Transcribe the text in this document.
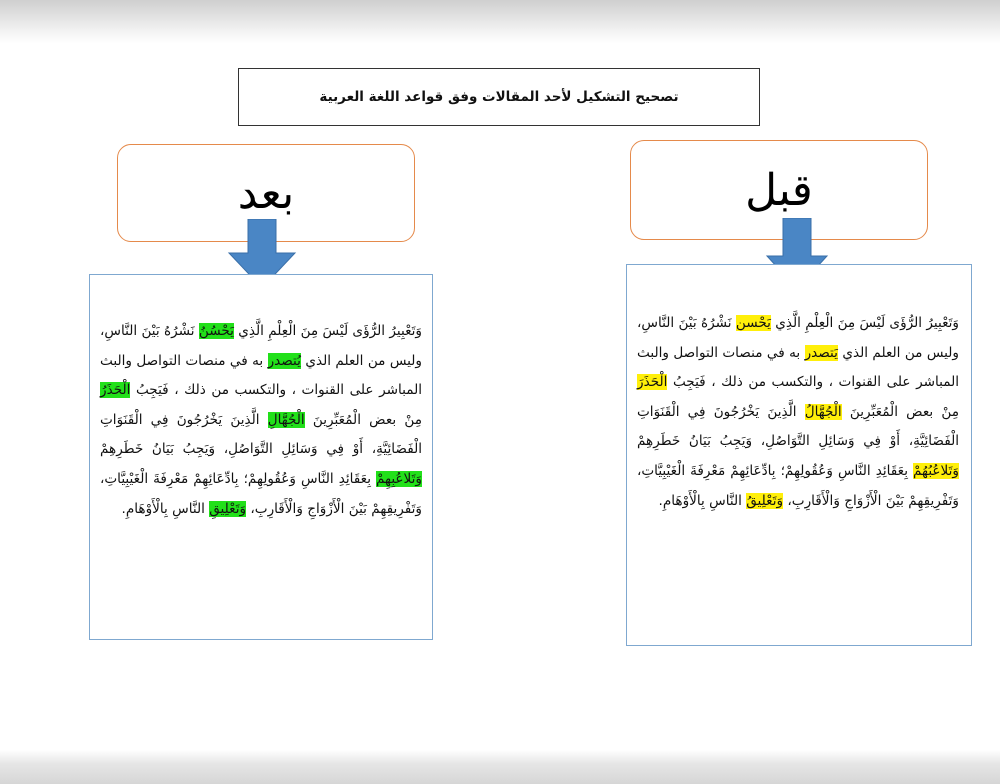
تصحيح التشكيل لأحد المقالات وفق قواعد اللغة العربية
بعد
وَتَعْبِيرُ الرُّؤَى لَيْسَ مِنَ الْعِلْمِ الَّذِي يَحْسُنُ نَشْرُهُ بَيْنَ النَّاسِ، وليس من العلم الذي يُتصدر به في منصات التواصل والبث المباشر على القنوات ، والتكسب من ذلك ، فَيَجِبُ الْحَذَرُ مِنْ بعض الْمُعَبِّرِينَ الْجُهَّالِ الَّذِينَ يَخْرُجُونَ فِي الْقَنَوَاتِ الْفَضَائِيَّةِ، أَوْ فِي وَسَائِلِ التَّوَاصُلِ، وَيَجِبُ بَيَانُ خَطَرِهِمْ وَتَلاعُبِهِمْ بِعَقَائِدِ النَّاسِ وَعُقُولِهِمْ؛ بِادِّعَائِهِمْ مَعْرِفَةَ الْغَيْبِيَّاتِ، وَتَفْرِيقِهِمْ بَيْنَ الْأَزْوَاجِ وَالْأَقَارِبِ، وَتَعْلِيقِ النَّاسِ بِالْأَوْهَامِ.
قبل
وَتَعْبِيرُ الرُّؤَى لَيْسَ مِنَ الْعِلْمِ الَّذِي يَحْسن نَشْرُهُ بَيْنَ النَّاسِ، وليس من العلم الذي يَتصدر به في منصات التواصل والبث المباشر على القنوات ، والتكسب من ذلك ، فَيَجِبُ الْحَذَرَ مِنْ بعض الْمُعَبِّرِينَ الْجُهَّالُ الَّذِينَ يَخْرُجُونَ فِي الْقَنَوَاتِ الْفَضَائِيَّةِ، أَوْ فِي وَسَائِلِ التَّوَاصُلِ، وَيَجِبُ بَيَانُ خَطَرِهِمْ وَتَلاعُبُهُمْ بِعَقَائِدِ النَّاسِ وَعُقُولِهِمْ؛ بِادِّعَائِهِمْ مَعْرِفَةَ الْغَيْبِيَّاتِ، وَتَفْرِيقِهِمْ بَيْنَ الْأَزْوَاجِ وَالْأَقَارِبِ، وَتَعْلِيقُ النَّاسِ بِالْأَوْهَامِ.
